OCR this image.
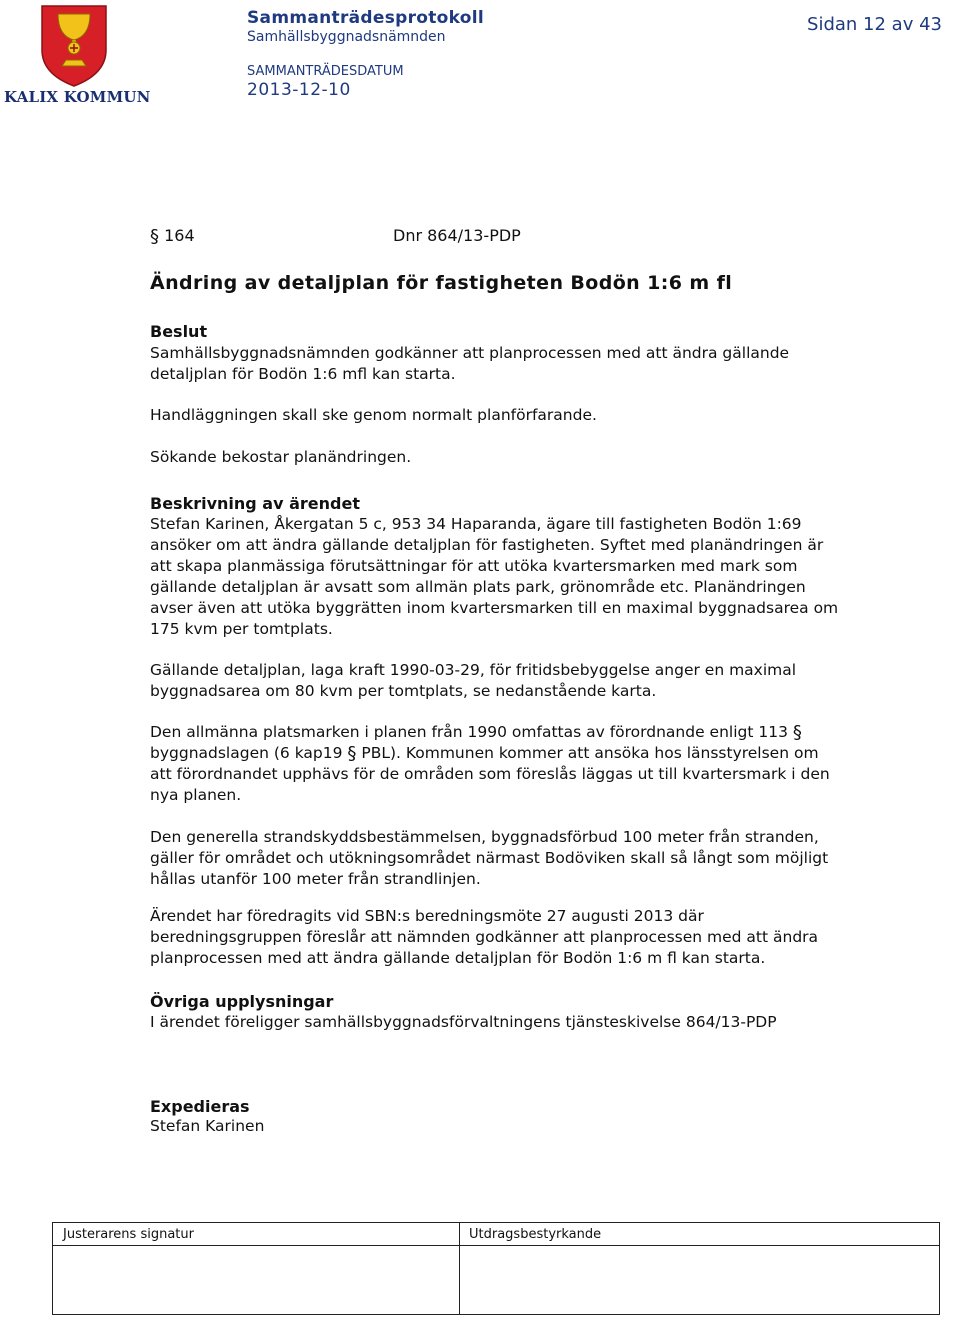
KALIX KOMMUN
Sammanträdesprotokoll
Samhällsbyggnadsnämnden
SAMMANTRÄDESDATUM
2013-12-10
Sidan 12 av 43
§ 164	Dnr 864/13-PDP
Ändring av detaljplan för fastigheten Bodön 1:6 m fl
Beslut
Samhällsbyggnadsnämnden godkänner att planprocessen med att ändra gällande
detaljplan för Bodön 1:6 mfl kan starta.
Handläggningen skall ske genom normalt planförfarande.
Sökande bekostar planändringen.
Beskrivning av ärendet
Stefan Karinen, Åkergatan 5 c, 953 34 Haparanda, ägare till fastigheten Bodön 1:69
ansöker om att ändra gällande detaljplan för fastigheten. Syftet med planändringen är
att skapa planmässiga förutsättningar för att utöka kvartersmarken med mark som
gällande detaljplan är avsatt som allmän plats park, grönområde etc. Planändringen
avser även att utöka byggrätten inom kvartersmarken till en maximal byggnadsarea om
175 kvm per tomtplats.
Gällande detaljplan, laga kraft 1990-03-29, för fritidsbebyggelse anger en maximal
byggnadsarea om 80 kvm per tomtplats, se nedanstående karta.
Den allmänna platsmarken i planen från 1990 omfattas av förordnande enligt 113 §
byggnadslagen (6 kap19 § PBL). Kommunen kommer att ansöka hos länsstyrelsen om
att förordnandet upphävs för de områden som föreslås läggas ut till kvartersmark i den
nya planen.
Den generella strandskyddsbestämmelsen, byggnadsförbud 100 meter från stranden,
gäller för området och utökningsområdet närmast Bodöviken skall så långt som möjligt
hållas utanför 100 meter från strandlinjen.
Ärendet har föredragits vid SBN:s beredningsmöte 27 augusti 2013 där
beredningsgruppen föreslår att nämnden godkänner att planprocessen med att ändra
planprocessen med att ändra gällande detaljplan för Bodön 1:6 m fl kan starta.
Övriga upplysningar
I ärendet föreligger samhällsbyggnadsförvaltningens tjänsteskivelse 864/13-PDP
Expedieras
Stefan Karinen
Justerarens signatur	Utdragsbestyrkande
